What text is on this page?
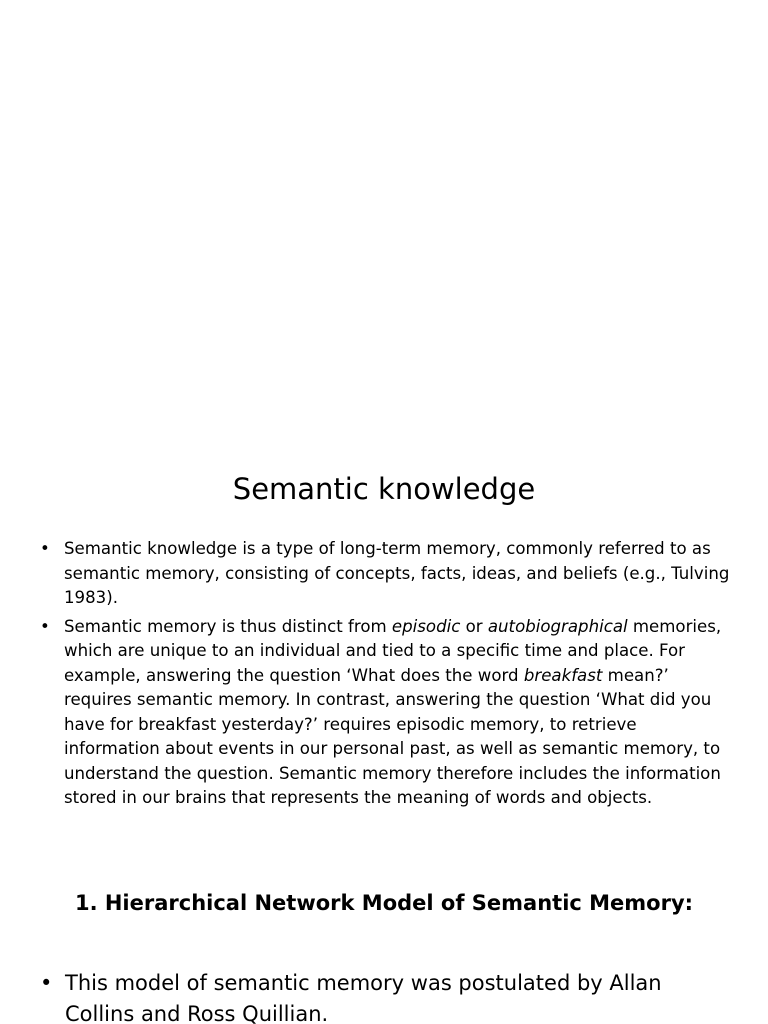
Semantic knowledge
• Semantic knowledge is a type of long-term memory, commonly referred to as semantic memory, consisting of concepts, facts, ideas, and beliefs (e.g., Tulving 1983).
• Semantic memory is thus distinct from episodic or autobiographical memories, which are unique to an individual and tied to a specific time and place. For example, answering the question ‘What does the word breakfast mean?’ requires semantic memory. In contrast, answering the question ‘What did you have for breakfast yesterday?’ requires episodic memory, to retrieve information about events in our personal past, as well as semantic memory, to understand the question. Semantic memory therefore includes the information stored in our brains that represents the meaning of words and objects.
1. Hierarchical Network Model of Semantic Memory:
• This model of semantic memory was postulated by Allan Collins and Ross Quillian.
